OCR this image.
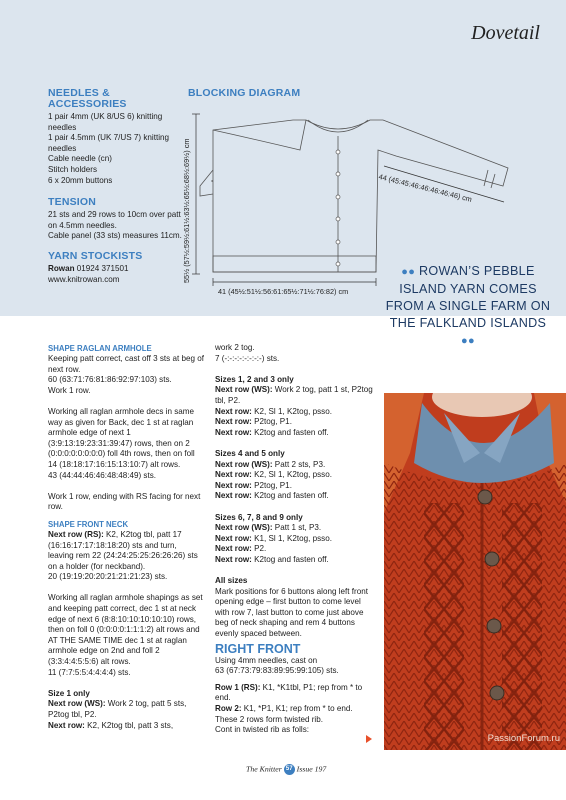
Dovetail
NEEDLES & ACCESSORIES
1 pair 4mm (UK 8/US 6) knitting needles
1 pair 4.5mm (UK 7/US 7) knitting needles
Cable needle (cn)
Stitch holders
6 x 20mm buttons
TENSION
21 sts and 29 rows to 10cm over patt on 4.5mm needles.
Cable panel (33 sts) measures 11cm.
YARN STOCKISTS
Rowan 01924 371501
www.knitrowan.com
BLOCKING DIAGRAM
55½ (57½:59½:61½:63½:65½:68½:69½) cm	44 (45:45:46:46:46:46:46) cm
41 (45½:51½:56:61:65½:71½:76:82) cm
●● ROWAN’S PEBBLE ISLAND YARN COMES FROM A SINGLE FARM ON THE FALKLAND ISLANDS ●●
SHAPE RAGLAN ARMHOLE

Keeping patt correct, cast off 3 sts at beg of next row.

60 (63:71:76:81:86:92:97:103) sts.

Work 1 row.

Working all raglan armhole decs in same way as given for Back, dec 1 st at raglan armhole edge of next 1 (3:9:13:19:23:31:39:47) rows, then on 2 (0:0:0:0:0:0:0:0) foll 4th rows, then on foll 14 (18:18:17:16:15:13:10:7) alt rows.

43 (44:44:46:46:48:48:49) sts.

Work 1 row, ending with RS facing for next row.

SHAPE FRONT NECK

Next row (RS): K2, K2tog tbl, patt 17 (16:16:17:17:18:18:20) sts and turn, leaving rem 22 (24:24:25:25:26:26:26) sts on a holder (for neckband).

20 (19:19:20:20:21:21:21:23) sts.

Working all raglan armhole shapings as set and keeping patt correct, dec 1 st at neck edge of next 6 (8:8:10:10:10:10:10) rows, then on foll 0 (0:0:0:0:1:1:1:2) alt rows and AT THE SAME TIME dec 1 st at raglan armhole edge on 2nd and foll 2 (3:3:4:4:5:5:6) alt rows.

11 (7:7:5:5:4:4:4:4) sts.

Size 1 only

Next row (WS): Work 2 tog, patt 5 sts, P2tog tbl, P2.

Next row: K2, K2tog tbl, patt 3 sts,

work 2 tog.

7 (-:-:-:-:-:-:-:-) sts.

Sizes 1, 2 and 3 only

Next row (WS): Work 2 tog, patt 1 st, P2tog tbl, P2.

Next row: K2, Sl 1, K2tog, psso.

Next row: P2tog, P1.

Next row: K2tog and fasten off.

Sizes 4 and 5 only

Next row (WS): Patt 2 sts, P3.

Next row: K2, Sl 1, K2tog, psso.

Next row: P2tog, P1.

Next row: K2tog and fasten off.

Sizes 6, 7, 8 and 9 only

Next row (WS): Patt 1 st, P3.

Next row: K1, Sl 1, K2tog, psso.

Next row: P2.

Next row: K2tog and fasten off.

All sizes

Mark positions for 6 buttons along left front opening edge – first button to come level with row 7, last button to come just above beg of neck shaping and rem 4 buttons evenly spaced between.

RIGHT FRONT

Using 4mm needles, cast on

63 (67:73:79:83:89:95:99:105) sts.

Row 1 (RS): K1, *K1tbl, P1; rep from * to end.

Row 2: K1, *P1, K1; rep from * to end.

These 2 rows form twisted rib.

Cont in twisted rib as folls:

PassionForum.ru
The Knitter 57 Issue 197
